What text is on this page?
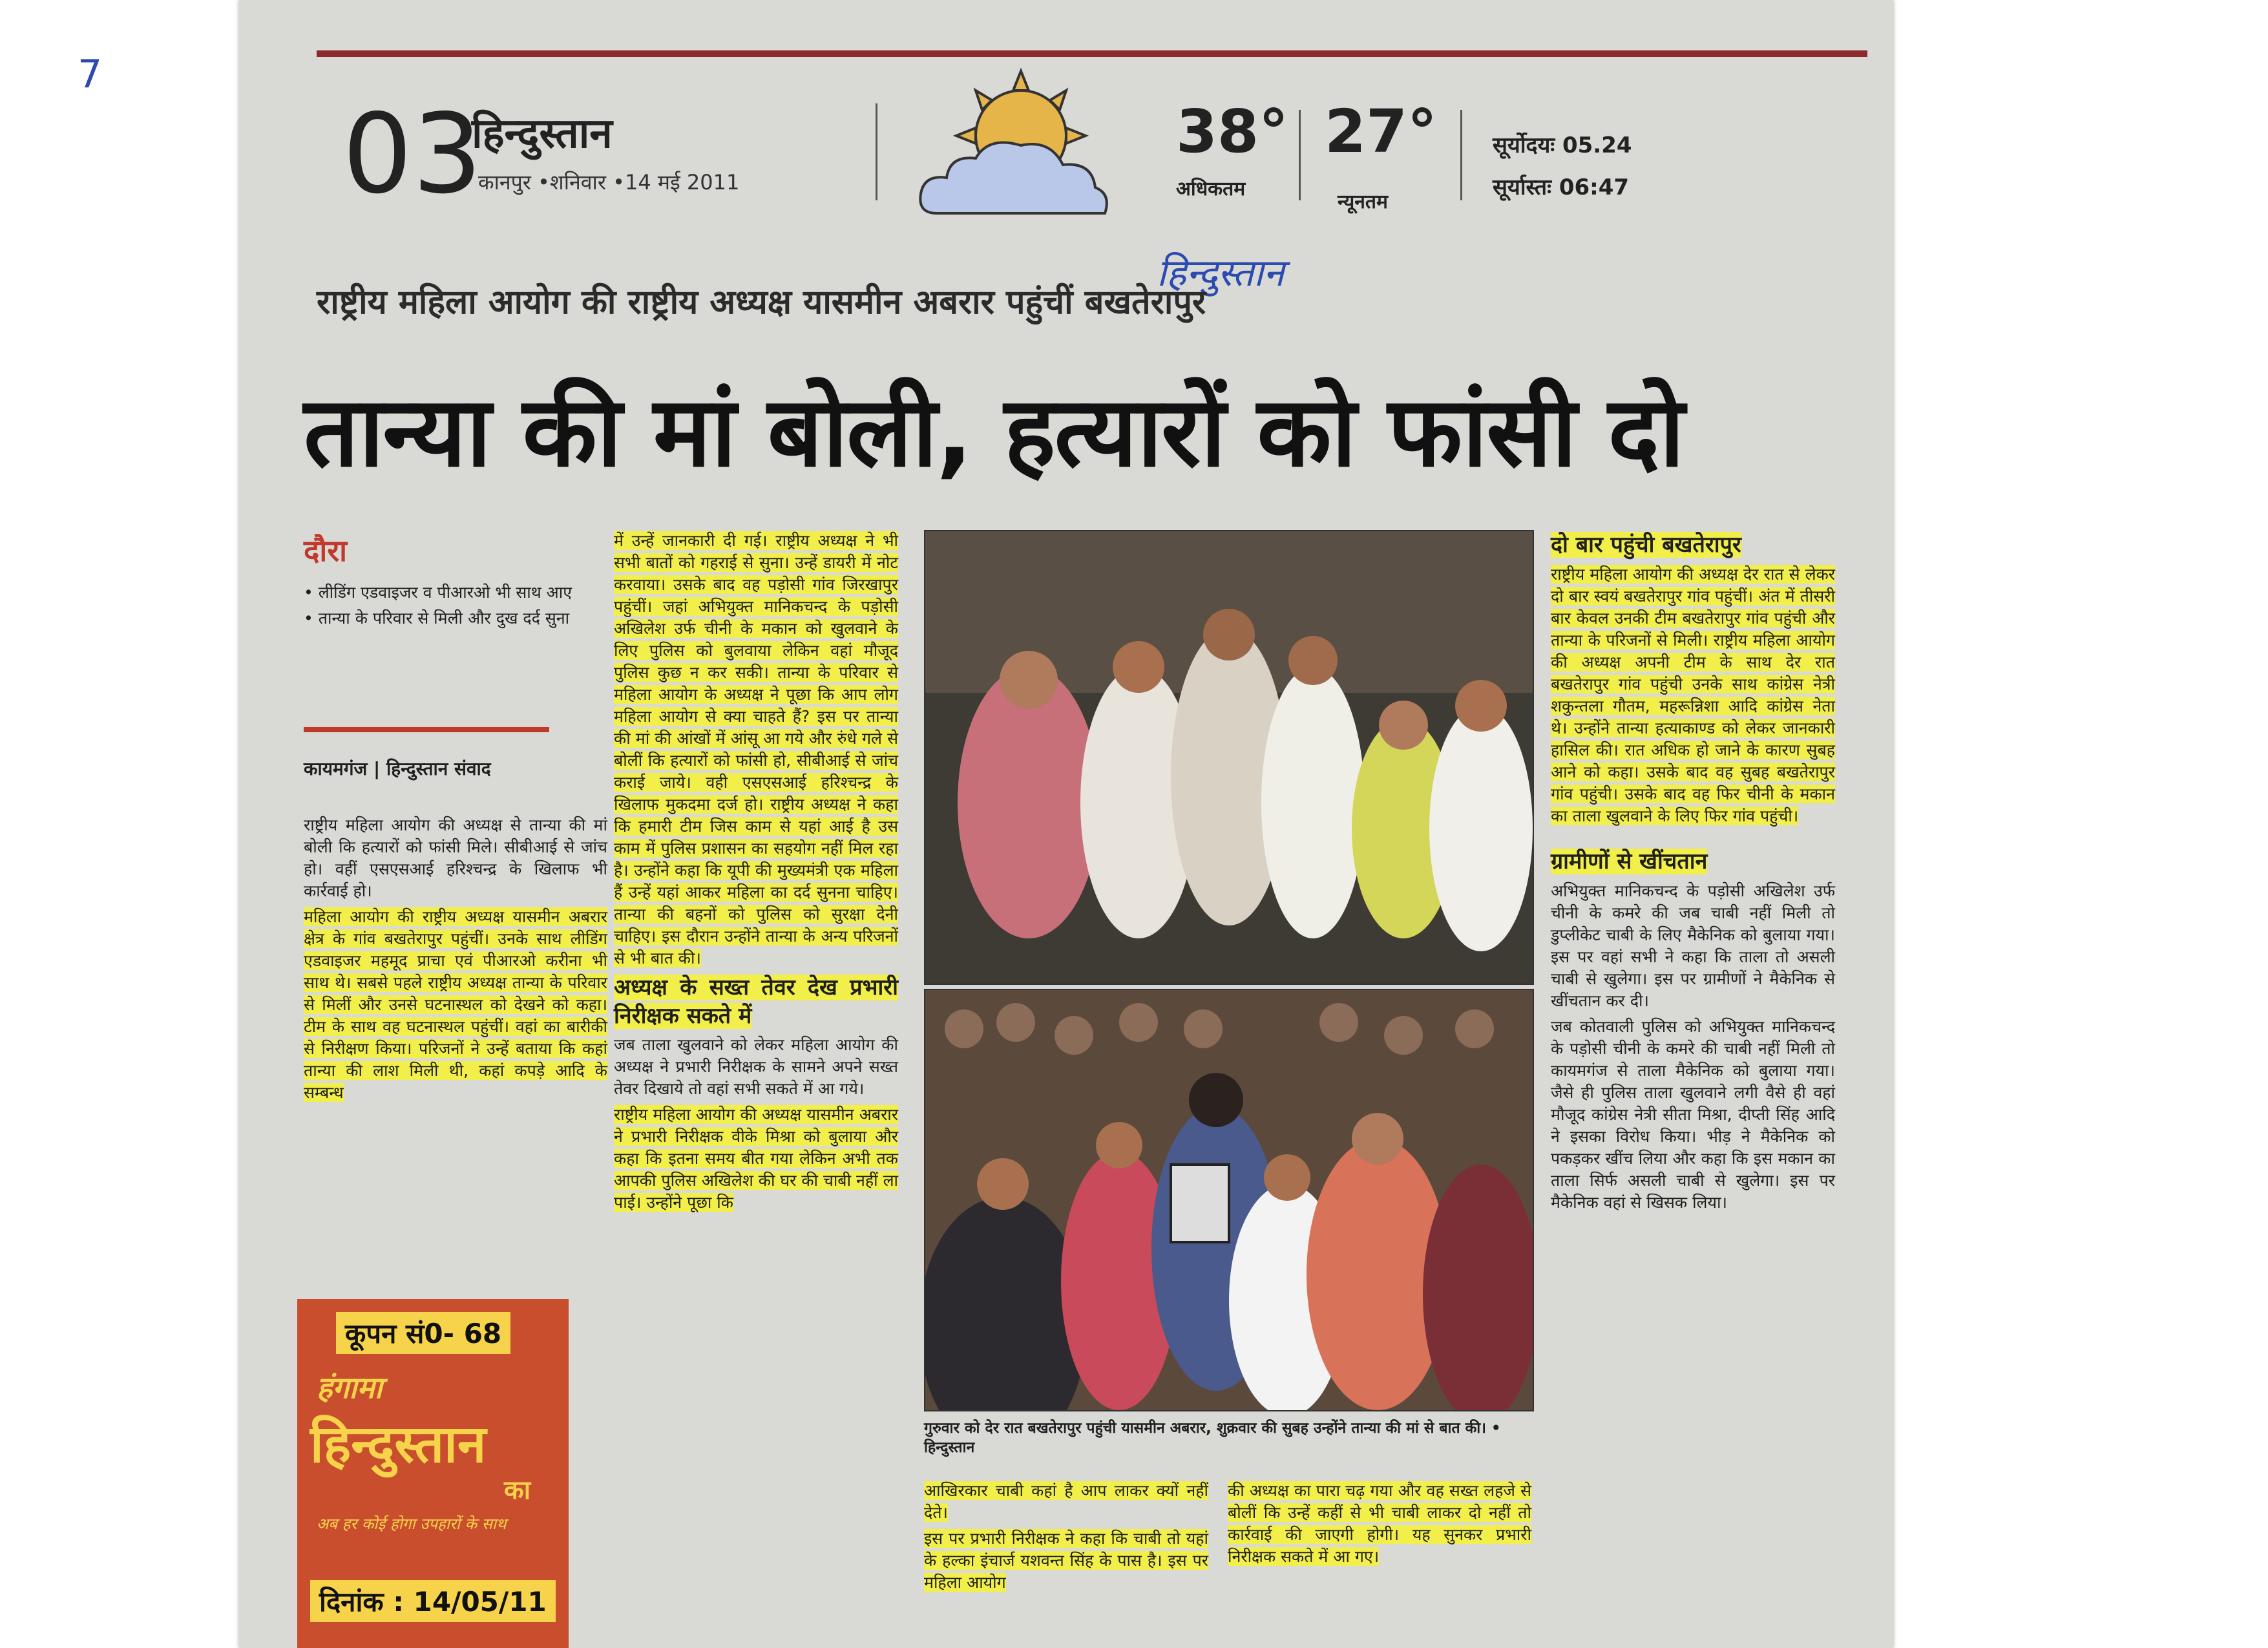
7
03
हिन्दुस्तान
कानपुर •शनिवार •14 मई 2011
38°
अधिकतम
27°
न्यूनतम
सूर्योदयः 05.24
सूर्यास्तः 06:47
हिन्दुस्तान
राष्ट्रीय महिला आयोग की राष्ट्रीय अध्यक्ष यासमीन अबरार पहुंचीं बखतेरापुर
तान्या की मां बोली, हत्यारों को फांसी दो
दौरा

• लीडिंग एडवाइजर व पीआरओ भी साथ आए

• तान्या के परिवार से मिली और दुख दर्द सुना

कायमगंज | हिन्दुस्तान संवाद

राष्ट्रीय महिला आयोग की अध्यक्ष से तान्या की मां बोली कि हत्यारों को फांसी मिले। सीबीआई से जांच हो। वहीं एसएसआई हरिश्चन्द्र के खिलाफ भी कार्रवाई हो।

महिला आयोग की राष्ट्रीय अध्यक्ष यासमीन अबरार क्षेत्र के गांव बखतेरापुर पहुंचीं। उनके साथ लीडिंग एडवाइजर महमूद प्राचा एवं पीआरओ करीना भी साथ थे। सबसे पहले राष्ट्रीय अध्यक्ष तान्या के परिवार से मिलीं और उनसे घटनास्थल को देखने को कहा। टीम के साथ वह घटनास्थल पहुंचीं। वहां का बारीकी से निरीक्षण किया। परिजनों ने उन्हें बताया कि कहां तान्या की लाश मिली थी, कहां कपड़े आदि के सम्बन्ध

कूपन सं0- 68
हंगामा
हिन्दुस्तान
का
अब हर कोई होगा उपहारों के साथ
दिनांक : 14/05/11

में उन्हें जानकारी दी गई। राष्ट्रीय अध्यक्ष ने भी सभी बातों को गहराई से सुना। उन्हें डायरी में नोट करवाया। उसके बाद वह पड़ोसी गांव जिरखापुर पहुंचीं। जहां अभियुक्त मानिकचन्द के पड़ोसी अखिलेश उर्फ चीनी के मकान को खुलवाने के लिए पुलिस को बुलवाया लेकिन वहां मौजूद पुलिस कुछ न कर सकी। तान्या के परिवार से महिला आयोग के अध्यक्ष ने पूछा कि आप लोग महिला आयोग से क्या चाहते हैं? इस पर तान्या की मां की आंखों में आंसू आ गये और रुंधे गले से बोलीं कि हत्यारों को फांसी हो, सीबीआई से जांच कराई जाये। वही एसएसआई हरिश्चन्द्र के खिलाफ मुकदमा दर्ज हो। राष्ट्रीय अध्यक्ष ने कहा कि हमारी टीम जिस काम से यहां आई है उस काम में पुलिस प्रशासन का सहयोग नहीं मिल रहा है। उन्होंने कहा कि यूपी की मुख्यमंत्री एक महिला हैं उन्हें यहां आकर महिला का दर्द सुनना चाहिए। तान्या की बहनों को पुलिस को सुरक्षा देनी चाहिए। इस दौरान उन्होंने तान्या के अन्य परिजनों से भी बात की।

अध्यक्ष के सख्त तेवर देख प्रभारी निरीक्षक सकते में

जब ताला खुलवाने को लेकर महिला आयोग की अध्यक्ष ने प्रभारी निरीक्षक के सामने अपने सख्त तेवर दिखाये तो वहां सभी सकते में आ गये।

राष्ट्रीय महिला आयोग की अध्यक्ष यासमीन अबरार ने प्रभारी निरीक्षक वीके मिश्रा को बुलाया और कहा कि इतना समय बीत गया लेकिन अभी तक आपकी पुलिस अखिलेश की घर की चाबी नहीं ला पाई। उन्होंने पूछा कि

गुरुवार को देर रात बखतेरापुर पहुंची यासमीन अबरार, शुक्रवार की सुबह उन्होंने तान्या की मां से बात की। • हिन्दुस्तान

आखिरकार चाबी कहां है आप लाकर क्यों नहीं देते।

इस पर प्रभारी निरीक्षक ने कहा कि चाबी तो यहां के हल्का इंचार्ज यशवन्त सिंह के पास है। इस पर महिला आयोग

की अध्यक्ष का पारा चढ़ गया और वह सख्त लहजे से बोलीं कि उन्हें कहीं से भी चाबी लाकर दो नहीं तो कार्रवाई की जाएगी होगी। यह सुनकर प्रभारी निरीक्षक सकते में आ गए।

दो बार पहुंची बखतेरापुर

राष्ट्रीय महिला आयोग की अध्यक्ष देर रात से लेकर दो बार स्वयं बखतेरापुर गांव पहुंचीं। अंत में तीसरी बार केवल उनकी टीम बखतेरापुर गांव पहुंची और तान्या के परिजनों से मिली। राष्ट्रीय महिला आयोग की अध्यक्ष अपनी टीम के साथ देर रात बखतेरापुर गांव पहुंची उनके साथ कांग्रेस नेत्री शकुन्तला गौतम, महरून्निशा आदि कांग्रेस नेता थे। उन्होंने तान्या हत्याकाण्ड को लेकर जानकारी हासिल की। रात अधिक हो जाने के कारण सुबह आने को कहा। उसके बाद वह सुबह बखतेरापुर गांव पहुंची। उसके बाद वह फिर चीनी के मकान का ताला खुलवाने के लिए फिर गांव पहुंची।

ग्रामीणों से खींचतान

अभियुक्त मानिकचन्द के पड़ोसी अखिलेश उर्फ चीनी के कमरे की जब चाबी नहीं मिली तो डुप्लीकेट चाबी के लिए मैकेनिक को बुलाया गया। इस पर वहां सभी ने कहा कि ताला तो असली चाबी से खुलेगा। इस पर ग्रामीणों ने मैकेनिक से खींचतान कर दी।

जब कोतवाली पुलिस को अभियुक्त मानिकचन्द के पड़ोसी चीनी के कमरे की चाबी नहीं मिली तो कायमगंज से ताला मैकेनिक को बुलाया गया। जैसे ही पुलिस ताला खुलवाने लगी वैसे ही वहां मौजूद कांग्रेस नेत्री सीता मिश्रा, दीप्ती सिंह आदि ने इसका विरोध किया। भीड़ ने मैकेनिक को पकड़कर खींच लिया और कहा कि इस मकान का ताला सिर्फ असली चाबी से खुलेगा। इस पर मैकेनिक वहां से खिसक लिया।
